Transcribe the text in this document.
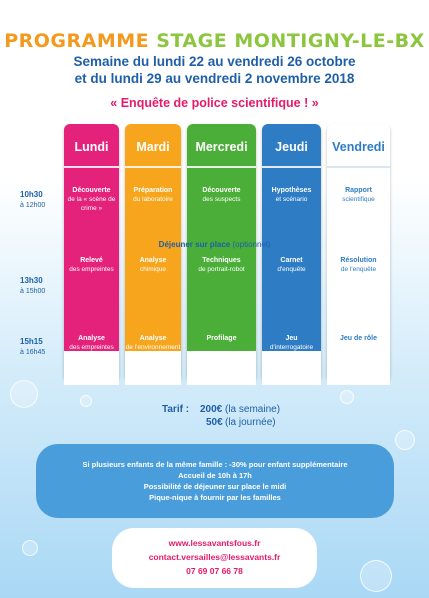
PROGRAMME STAGE MONTIGNY-LE-BX
Semaine du lundi 22 au vendredi 26 octobre
et du lundi 29 au vendredi 2 novembre 2018
« Enquête de police scientifique ! »
10h30
à 12h00
13h30
à 15h00
15h15
à 16h45
Lundi
Découverte
de la « scène de crime »
Relevé
des empreintes
Analyse
des empreintes
Mardi
Préparation
du laboratoire
Analyse
chimique
Analyse
de l'environnement
Mercredi
Découverte
des suspects
Techniques
de portrait-robot
Profilage
Jeudi
Hypothèses
et scénario
Carnet
d'enquête
Jeu
d'interrogatoire
Vendredi
Rapport
scientifique
Résolution
de l'enquête
Jeu de rôle
Déjeuner sur place (optionnel)
Tarif : 200€ (la semaine)
50€ (la journée)
Si plusieurs enfants de la même famille : -30% pour enfant supplémentaire
Accueil de 10h à 17h
Possibilité de déjeuner sur place le midi
Pique-nique à fournir par les familles
www.lessavantsfous.fr
contact.versailles@lessavants.fr
07 69 07 66 78
